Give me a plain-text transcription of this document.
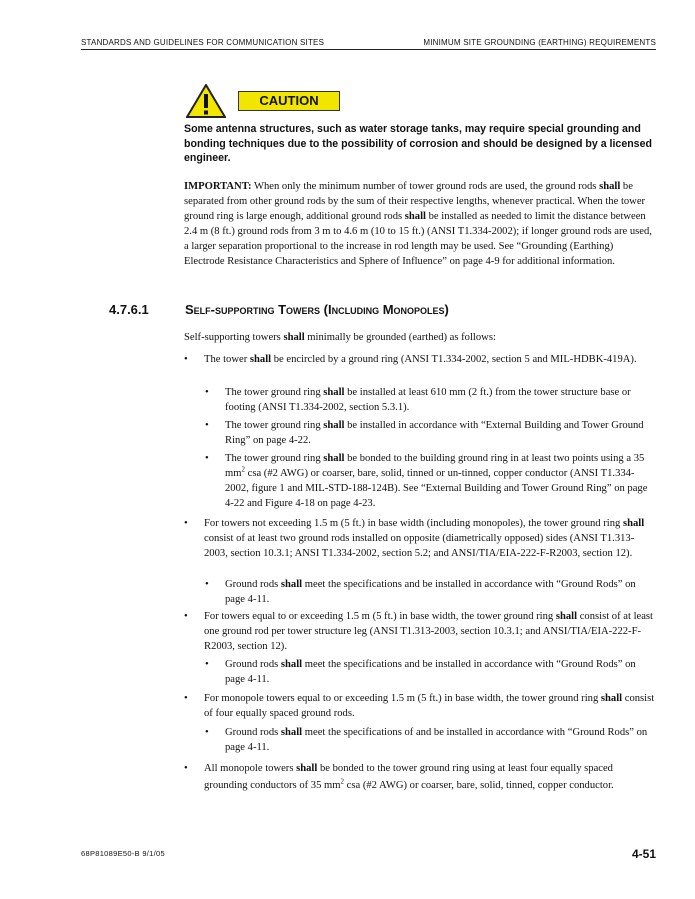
STANDARDS AND GUIDELINES FOR COMMUNICATION SITES	MINIMUM SITE GROUNDING (EARTHING) REQUIREMENTS
CAUTION

Some antenna structures, such as water storage tanks, may require special grounding and bonding techniques due to the possibility of corrosion and should be designed by a licensed engineer.

IMPORTANT: When only the minimum number of tower ground rods are used, the ground rods shall be separated from other ground rods by the sum of their respective lengths, whenever practical. When the tower ground ring is large enough, additional ground rods shall be installed as needed to limit the distance between 2.4 m (8 ft.) ground rods from 3 m to 4.6 m (10 to 15 ft.) (ANSI T1.334-2002); if longer ground rods are used, a larger separation proportional to the increase in rod length may be used. See “Grounding (Earthing) Electrode Resistance Characteristics and Sphere of Influence” on page 4-9 for additional information.

4.7.6.1	Self-supporting Towers (Including Monopoles)

Self-supporting towers shall minimally be grounded (earthed) as follows:

• The tower shall be encircled by a ground ring (ANSI T1.334-2002, section 5 and MIL-HDBK-419A).

• The tower ground ring shall be installed at least 610 mm (2 ft.) from the tower structure base or footing (ANSI T1.334-2002, section 5.3.1).

• The tower ground ring shall be installed in accordance with “External Building and Tower Ground Ring” on page 4-22.

• The tower ground ring shall be bonded to the building ground ring in at least two points using a 35 $mm^2$ csa (#2 AWG) or coarser, bare, solid, tinned or un-tinned, copper conductor (ANSI T1.334-2002, figure 1 and MIL-STD-188-124B). See “External Building and Tower Ground Ring” on page 4-22 and Figure 4-18 on page 4-23.

• For towers not exceeding 1.5 m (5 ft.) in base width (including monopoles), the tower ground ring shall consist of at least two ground rods installed on opposite (diametrically opposed) sides (ANSI T1.313-2003, section 10.3.1; ANSI T1.334-2002, section 5.2; and ANSI/TIA/EIA-222-F-R2003, section 12).

• Ground rods shall meet the specifications and be installed in accordance with “Ground Rods” on page 4-11.

• For towers equal to or exceeding 1.5 m (5 ft.) in base width, the tower ground ring shall consist of at least one ground rod per tower structure leg (ANSI T1.313-2003, section 10.3.1; and ANSI/TIA/EIA-222-F-R2003, section 12).

• Ground rods shall meet the specifications and be installed in accordance with “Ground Rods” on page 4-11.

• For monopole towers equal to or exceeding 1.5 m (5 ft.) in base width, the tower ground ring shall consist of four equally spaced ground rods.

• Ground rods shall meet the specifications of and be installed in accordance with “Ground Rods” on page 4-11.

• All monopole towers shall be bonded to the tower ground ring using at least four equally spaced grounding conductors of 35 $mm^2$ csa (#2 AWG) or coarser, bare, solid, tinned, copper conductor.

68P81089E50-B 9/1/05	4-51
